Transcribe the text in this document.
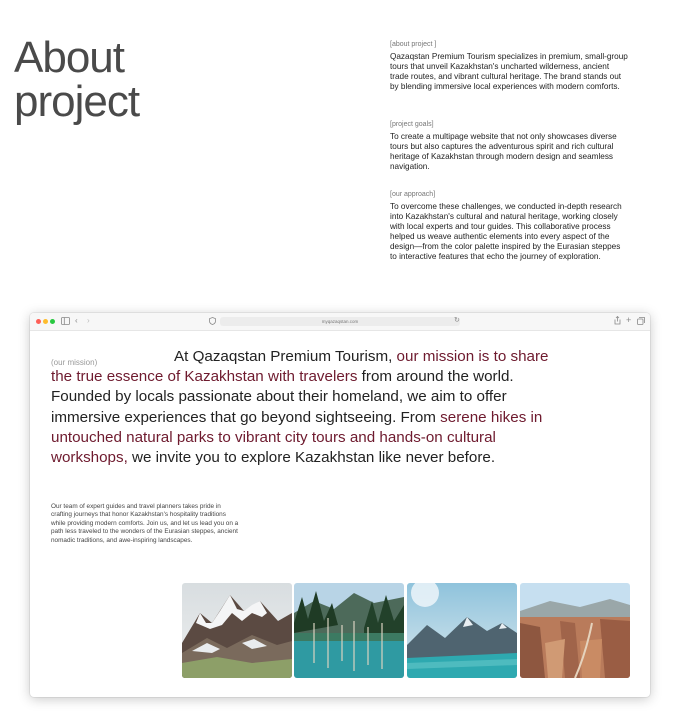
About
project
[about project ]
Qazaqstan Premium Tourism specializes in premium, small-group tours that unveil Kazakhstan's uncharted wilderness, ancient trade routes, and vibrant cultural heritage. The brand stands out by blending immersive local experiences with modern comforts.
[project goals]
To create a multipage website that not only showcases diverse tours but also captures the adventurous spirit and rich cultural heritage of Kazakhstan through modern design and seamless navigation.
[our approach]
To overcome these challenges, we conducted in-depth research into Kazakhstan's cultural and natural heritage, working closely with local experts and tour guides. This collaborative process helped us weave authentic elements into every aspect of the design—from the color palette inspired by the Eurasian steppes to interactive features that echo the journey of exploration.
‹ ›	myqazaqstan.com	↻	+
(our mission)	At Qazaqstan Premium Tourism, our mission is to share the true essence of Kazakhstan with travelers from around the world. Founded by locals passionate about their homeland, we aim to offer immersive experiences that go beyond sightseeing. From serene hikes in untouched natural parks to vibrant city tours and hands-on cultural workshops, we invite you to explore Kazakhstan like never before.

Our team of expert guides and travel planners takes pride in crafting journeys that honor Kazakhstan's hospitality traditions while providing modern comforts. Join us, and let us lead you on a path less traveled to the wonders of the Eurasian steppes, ancient nomadic traditions, and awe-inspiring landscapes.
